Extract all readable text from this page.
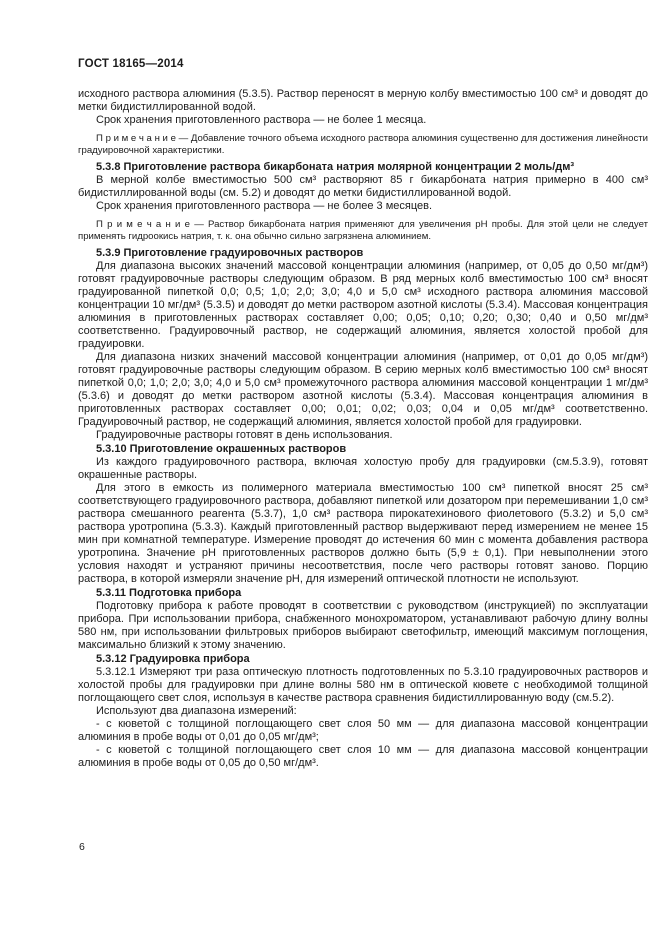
ГОСТ 18165—2014

исходного раствора алюминия (5.3.5). Раствор переносят в мерную колбу вместимостью 100 см³ и доводят до метки бидистиллированной водой.

Срок хранения приготовленного раствора — не более 1 месяца.

П р и м е ч а н и е — Добавление точного объема исходного раствора алюминия существенно для достижения линейности градуировочной характеристики.

5.3.8 Приготовление раствора бикарбоната натрия молярной концентрации 2 моль/дм³

В мерной колбе вместимостью 500 см³ растворяют 85 г бикарбоната натрия примерно в 400 см³ бидистиллированной воды (см. 5.2) и доводят до метки бидистиллированной водой.

Срок хранения приготовленного раствора — не более 3 месяцев.

П р и м е ч а н и е — Раствор бикарбоната натрия применяют для увеличения рН пробы. Для этой цели не следует применять гидроокись натрия, т. к. она обычно сильно загрязнена алюминием.

5.3.9 Приготовление градуировочных растворов

Для диапазона высоких значений массовой концентрации алюминия (например, от 0,05 до 0,50 мг/дм³) готовят градуировочные растворы следующим образом. В ряд мерных колб вместимостью 100 см³ вносят градуированной пипеткой 0,0; 0,5; 1,0; 2,0; 3,0; 4,0 и 5,0 см³ исходного раствора алюминия массовой концентрации 10 мг/дм³ (5.3.5) и доводят до метки раствором азотной кислоты (5.3.4). Массовая концентрация алюминия в приготовленных растворах составляет 0,00; 0,05; 0,10; 0,20; 0,30; 0,40 и 0,50 мг/дм³ соответственно. Градуировочный раствор, не содержащий алюминия, является холостой пробой для градуировки.

Для диапазона низких значений массовой концентрации алюминия (например, от 0,01 до 0,05 мг/дм³) готовят градуировочные растворы следующим образом. В серию мерных колб вместимостью 100 см³ вносят пипеткой 0,0; 1,0; 2,0; 3,0; 4,0 и 5,0 см³ промежуточного раствора алюминия массовой концентрации 1 мг/дм³ (5.3.6) и доводят до метки раствором азотной кислоты (5.3.4). Массовая концентрация алюминия в приготовленных растворах составляет 0,00; 0,01; 0,02; 0,03; 0,04 и 0,05 мг/дм³ соответственно. Градуировочный раствор, не содержащий алюминия, является холостой пробой для градуировки.

Градуировочные растворы готовят в день использования.

5.3.10 Приготовление окрашенных растворов

Из каждого градуировочного раствора, включая холостую пробу для градуировки (см.5.3.9), готовят окрашенные растворы.

Для этого в емкость из полимерного материала вместимостью 100 см³ пипеткой вносят 25 см³ соответствующего градуировочного раствора, добавляют пипеткой или дозатором при перемешивании 1,0 см³ раствора смешанного реагента (5.3.7), 1,0 см³ раствора пирокатехинового фиолетового (5.3.2) и 5,0 см³ раствора уротропина (5.3.3). Каждый приготовленный раствор выдерживают перед измерением не менее 15 мин при комнатной температуре. Измерение проводят до истечения 60 мин с момента добавления раствора уротропина. Значение рН приготовленных растворов должно быть (5,9 ± 0,1). При невыполнении этого условия находят и устраняют причины несоответствия, после чего растворы готовят заново. Порцию раствора, в которой измеряли значение рН, для измерений оптической плотности не используют.

5.3.11 Подготовка прибора

Подготовку прибора к работе проводят в соответствии с руководством (инструкцией) по эксплуатации прибора. При использовании прибора, снабженного монохроматором, устанавливают рабочую длину волны 580 нм, при использовании фильтровых приборов выбирают светофильтр, имеющий максимум поглощения, максимально близкий к этому значению.

5.3.12 Градуировка прибора

5.3.12.1 Измеряют три раза оптическую плотность подготовленных по 5.3.10 градуировочных растворов и холостой пробы для градуировки при длине волны 580 нм в оптической кювете с необходимой толщиной поглощающего свет слоя, используя в качестве раствора сравнения бидистиллированную воду (см.5.2).

Используют два диапазона измерений:

- с кюветой с толщиной поглощающего свет слоя 50 мм — для диапазона массовой концентрации алюминия в пробе воды от 0,01 до 0,05 мг/дм³;

- с кюветой с толщиной поглощающего свет слоя 10 мм — для диапазона массовой концентрации алюминия в пробе воды от 0,05 до 0,50 мг/дм³.

6
